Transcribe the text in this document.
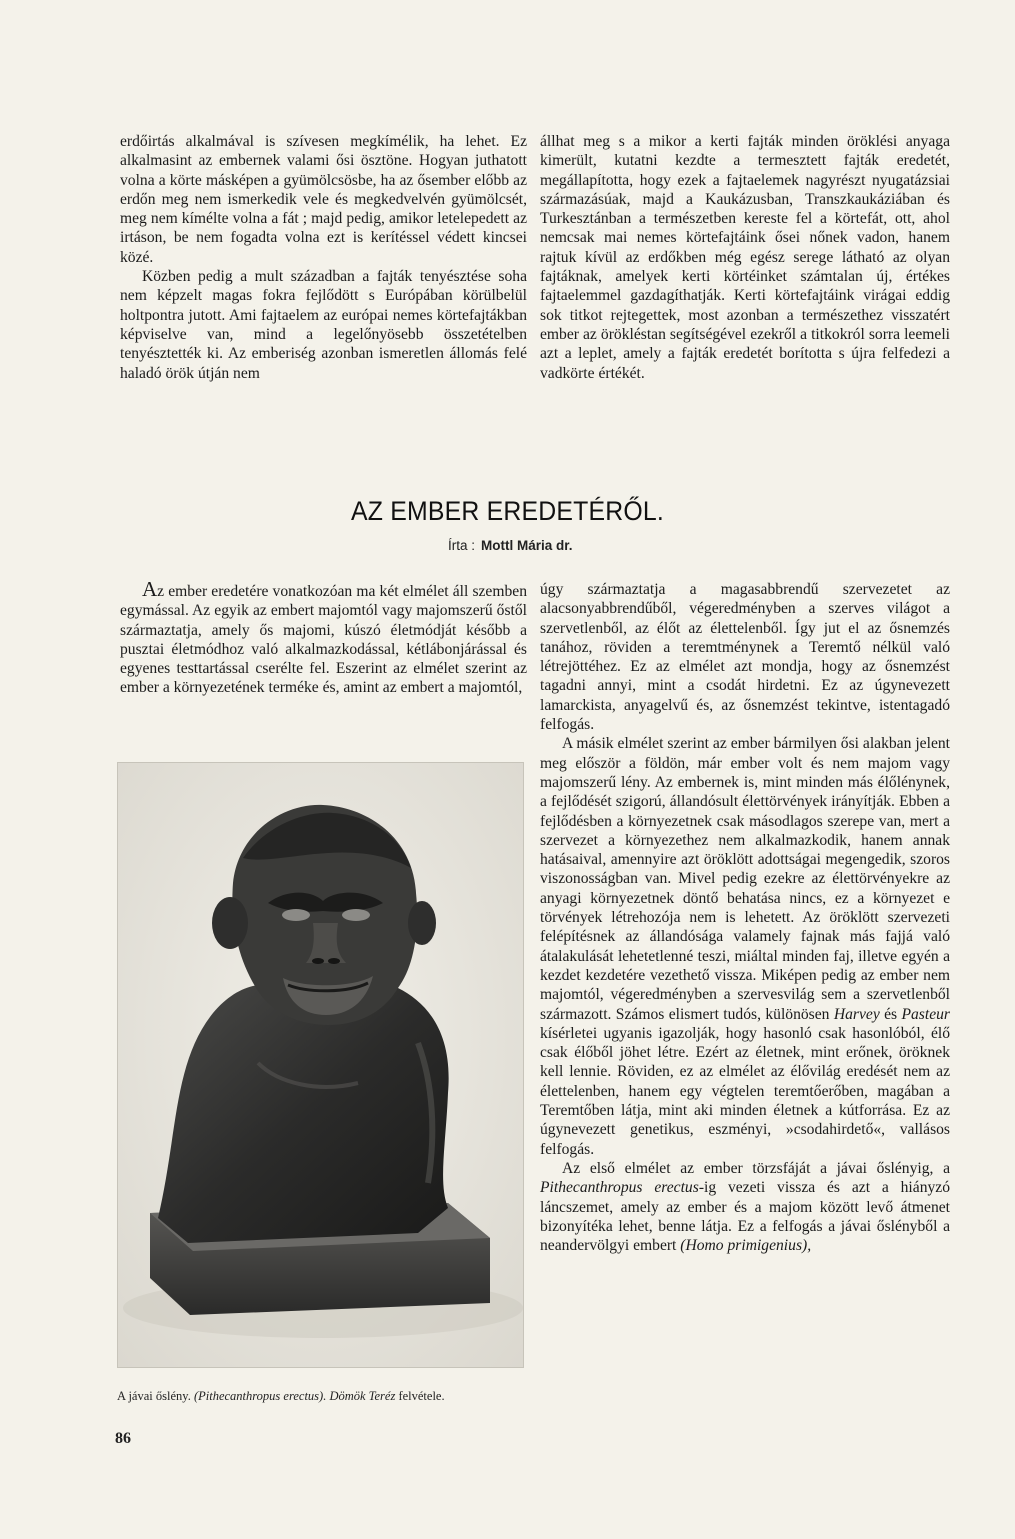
erdőirtás alkalmával is szívesen megkímélik, ha lehet. Ez alkalmasint az embernek valami ősi ösztöne. Hogyan juthatott volna a körte másképen a gyümölcsösbe, ha az ősember előbb az erdőn meg nem ismerkedik vele és megkedvelvén gyümölcsét, meg nem kímélte volna a fát ; majd pedig, amikor letelepedett az irtáson, be nem fogadta volna ezt is kerítéssel védett kincsei közé.

Közben pedig a mult században a fajták tenyésztése soha nem képzelt magas fokra fejlődött s Európában körülbelül holtpontra jutott. Ami fajtaelem az európai nemes körtefajtákban képviselve van, mind a legelőnyösebb összetételben tenyésztették ki. Az emberiség azonban ismeretlen állomás felé haladó örök útján nem

állhat meg s a mikor a kerti fajták minden öröklési anyaga kimerült, kutatni kezdte a termesztett fajták eredetét, megállapította, hogy ezek a fajtaelemek nagyrészt nyugatázsiai származásúak, majd a Kaukázusban, Transzkaukáziában és Turkesztánban a természetben kereste fel a körtefát, ott, ahol nemcsak mai nemes körtefajtáink ősei nőnek vadon, hanem rajtuk kívül az erdőkben még egész serege látható az olyan fajtáknak, amelyek kerti körtéinket számtalan új, értékes fajtaelemmel gazdagíthatják. Kerti körtefajtáink virágai eddig sok titkot rejtegettek, most azonban a természethez visszatért ember az örökléstan segítségével ezekről a titkokról sorra leemeli azt a leplet, amely a fajták eredetét borította s újra felfedezi a vadkörte értékét.

AZ EMBER EREDETÉRŐL.
Írta : Mottl Mária dr.

Az ember eredetére vonatkozóan ma két elmélet áll szemben egymással. Az egyik az embert majomtól vagy majomszerű őstől származtatja, amely ős majomi, kúszó életmódját később a pusztai életmódhoz való alkalmazkodással, kétlábonjárással és egyenes testtartással cserélte fel. Eszerint az elmélet szerint az ember a környezetének terméke és, amint az embert a majomtól,

úgy származtatja a magasabbrendű szervezetet az alacsonyabbrendűből, végeredményben a szerves világot a szervetlenből, az élőt az élettelenből. Így jut el az ősnemzés tanához, röviden a teremtménynek a Teremtő nélkül való létrejöttéhez. Ez az elmélet azt mondja, hogy az ősnemzést tagadni annyi, mint a csodát hirdetni. Ez az úgynevezett lamarckista, anyagelvű és, az ősnemzést tekintve, istentagadó felfogás.

A másik elmélet szerint az ember bármilyen ősi alakban jelent meg először a földön, már ember volt és nem majom vagy majomszerű lény. Az embernek is, mint minden más élőlénynek, a fejlődését szigorú, állandósult élettörvények irányítják. Ebben a fejlődésben a környezetnek csak másodlagos szerepe van, mert a szervezet a környezethez nem alkalmazkodik, hanem annak hatásaival, amennyire azt öröklött adottságai megengedik, szoros viszonosságban van. Mivel pedig ezekre az élettörvényekre az anyagi környezetnek döntő behatása nincs, ez a környezet e törvények létrehozója nem is lehetett. Az öröklött szervezeti felépítésnek az állandósága valamely fajnak más fajjá való átalakulását lehetetlenné teszi, miáltal minden faj, illetve egyén a kezdet kezdetére vezethető vissza. Miképen pedig az ember nem majomtól, végeredményben a szervesvilág sem a szervetlenből származott. Számos elismert tudós, különösen Harvey és Pasteur kísérletei ugyanis igazolják, hogy hasonló csak hasonlóból, élő csak élőből jöhet létre. Ezért az életnek, mint erőnek, öröknek kell lennie. Röviden, ez az elmélet az élővilág eredését nem az élettelenben, hanem egy végtelen teremtőerőben, magában a Teremtőben látja, mint aki minden életnek a kútforrása. Ez az úgynevezett genetikus, eszményi, »csodahirdető«, vallásos felfogás.

Az első elmélet az ember törzsfáját a jávai őslényig, a Pithecanthropus erectus-ig vezeti vissza és azt a hiányzó láncszemet, amely az ember és a majom között levő átmenet bizonyítéka lehet, benne látja. Ez a felfogás a jávai őslényből a neandervölgyi embert (Homo primigenius),

A jávai őslény. (Pithecanthropus erectus). Dömök Teréz felvétele.
86
